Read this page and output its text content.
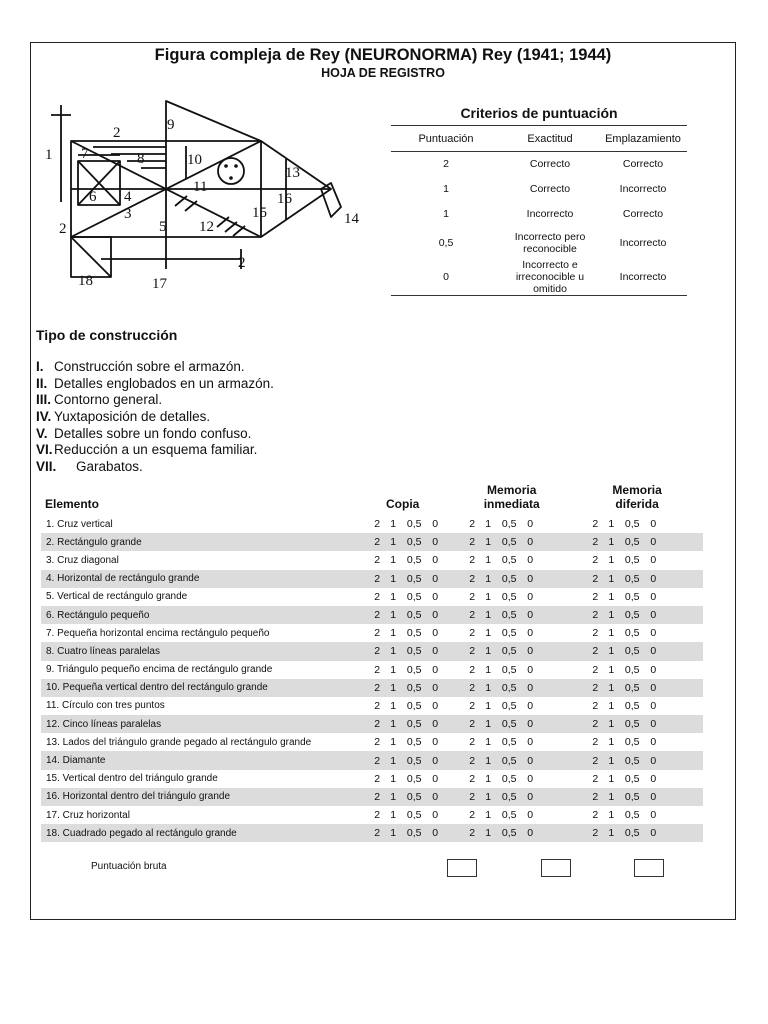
Figura compleja de Rey (NEURONORMA) Rey (1941; 1944)
HOJA DE REGISTRO
1
2
2
2
3
4
5
6
7	8
9
10
11
12
13
14
15
16
17
18
Criterios de puntuación
Puntuación	Exactitud	Emplazamiento
2	Correcto	Correcto
1	Correcto	Incorrecto
1	Incorrecto	Correcto
0,5	Incorrecto pero reconocible	Incorrecto
0	Incorrecto e irreconocible u omitido	Incorrecto
Tipo de construcción
I. Construcción sobre el armazón.
II. Detalles englobados en un armazón.
III. Contorno general.
IV. Yuxtaposición de detalles.
V. Detalles sobre un fondo confuso.
VI.Reducción a un esquema familiar.
VII. Garabatos.
Elemento	Copia	Memoria inmediata	Memoria diferida	
1. Cruz vertical	2 1 0,5 0	2 1 0,5 0	2 1 0,5 0	

2. Rectángulo grande	2 1 0,5 0	2 1 0,5 0	2 1 0,5 0	

3. Cruz diagonal	2 1 0,5 0	2 1 0,5 0	2 1 0,5 0	

4. Horizontal de rectángulo grande	2 1 0,5 0	2 1 0,5 0	2 1 0,5 0	

5. Vertical de rectángulo grande	2 1 0,5 0	2 1 0,5 0	2 1 0,5 0	

6. Rectángulo pequeño	2 1 0,5 0	2 1 0,5 0	2 1 0,5 0	

7. Pequeña horizontal encima rectángulo pequeño	2 1 0,5 0	2 1 0,5 0	2 1 0,5 0	

8. Cuatro líneas paralelas	2 1 0,5 0	2 1 0,5 0	2 1 0,5 0	

9. Triángulo pequeño encima de rectángulo grande	2 1 0,5 0	2 1 0,5 0	2 1 0,5 0	

10. Pequeña vertical dentro del rectángulo grande	2 1 0,5 0	2 1 0,5 0	2 1 0,5 0	

11. Círculo con tres puntos	2 1 0,5 0	2 1 0,5 0	2 1 0,5 0	

12. Cinco líneas paralelas	2 1 0,5 0	2 1 0,5 0	2 1 0,5 0	

13. Lados del triángulo grande pegado al rectángulo grande	2 1 0,5 0	2 1 0,5 0	2 1 0,5 0	

14. Diamante	2 1 0,5 0	2 1 0,5 0	2 1 0,5 0	

15. Vertical dentro del triángulo grande	2 1 0,5 0	2 1 0,5 0	2 1 0,5 0	

16. Horizontal dentro del triángulo grande	2 1 0,5 0	2 1 0,5 0	2 1 0,5 0	

17. Cruz horizontal	2 1 0,5 0	2 1 0,5 0	2 1 0,5 0	

18. Cuadrado pegado al rectángulo grande	2 1 0,5 0	2 1 0,5 0	2 1 0,5 0	

Puntuación bruta
